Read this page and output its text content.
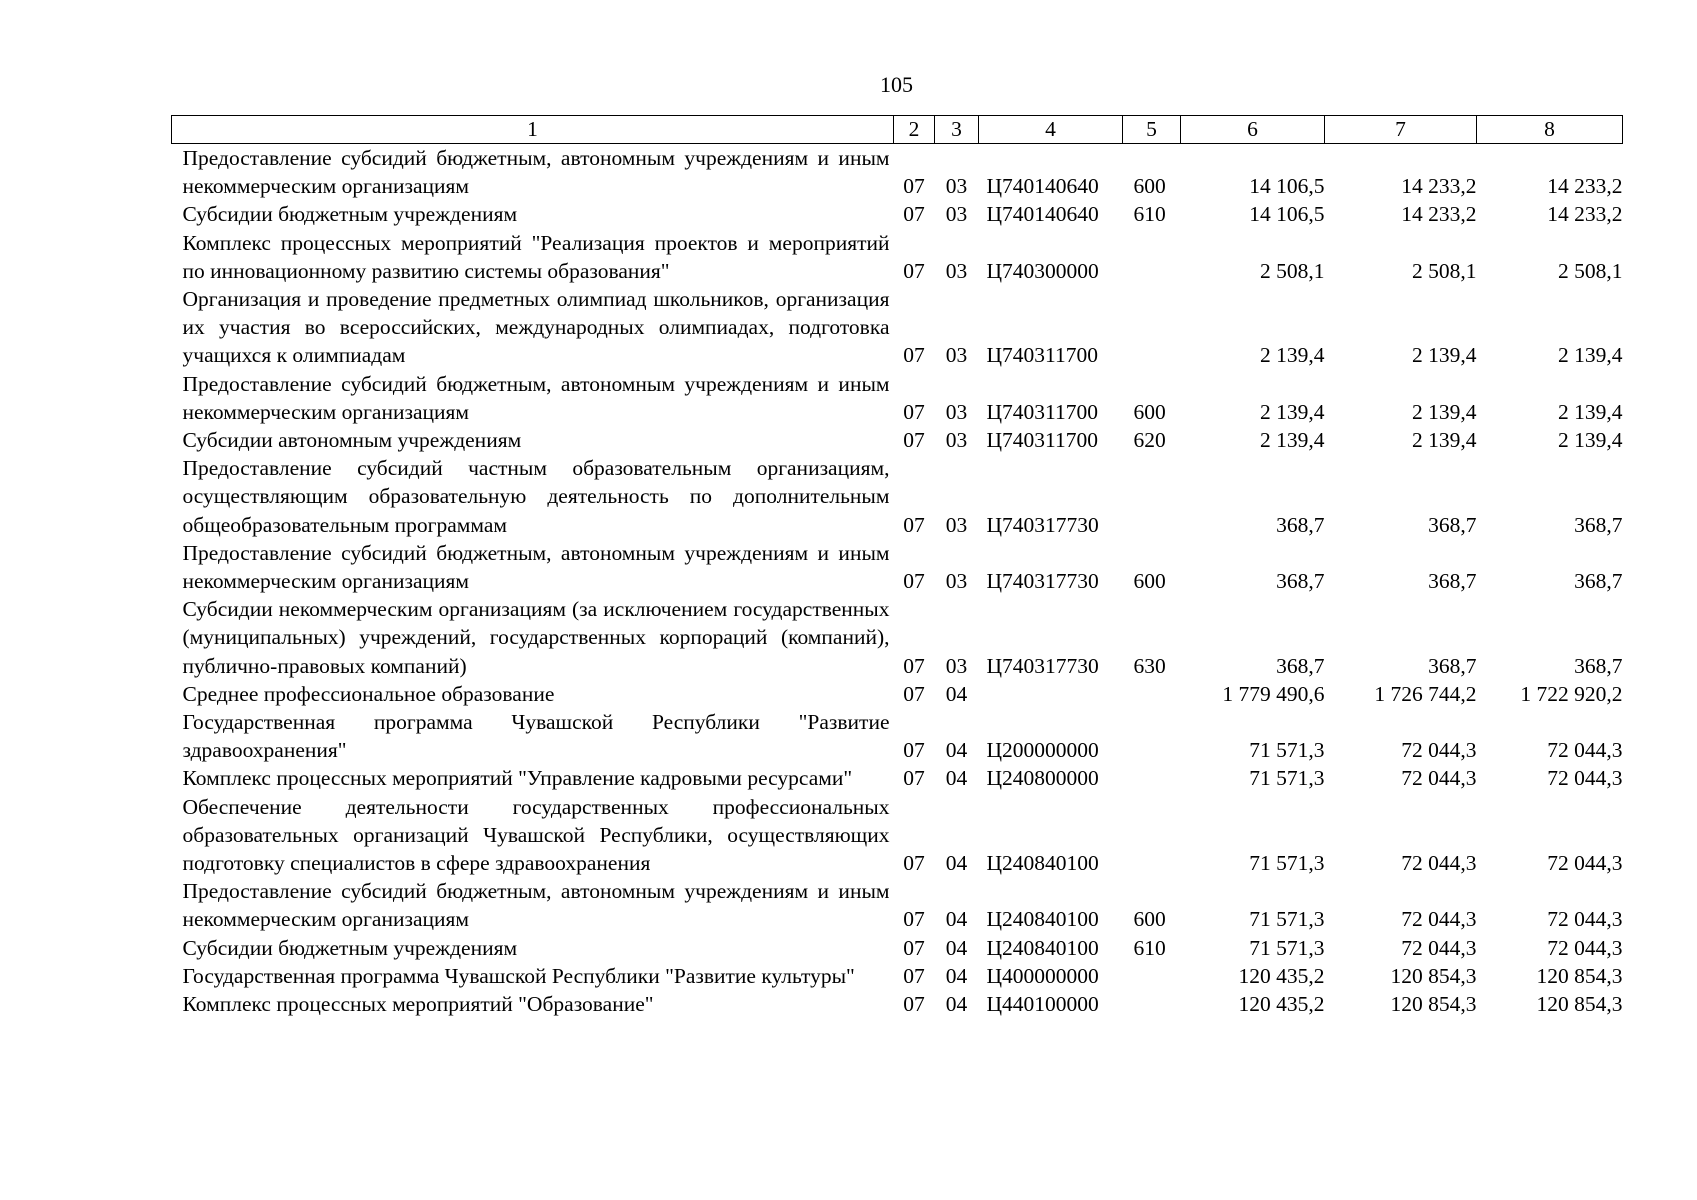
105
1	2	3	4	5	6	7	8
Предоставление субсидий бюджетным, автономным учреждениям и иным некоммерческим организациям	07	03	Ц740140640	600	14 106,5	14 233,2	14 233,2
Субсидии бюджетным учреждениям	07	03	Ц740140640	610	14 106,5	14 233,2	14 233,2
Комплекс процессных мероприятий "Реализация проектов и мероприятий по инновационному развитию системы образования"	07	03	Ц740300000		2 508,1	2 508,1	2 508,1
Организация и проведение предметных олимпиад школьников, организация их участия во всероссийских, международных олимпиадах, подготовка учащихся к олимпиадам	07	03	Ц740311700		2 139,4	2 139,4	2 139,4
Предоставление субсидий бюджетным, автономным учреждениям и иным некоммерческим организациям	07	03	Ц740311700	600	2 139,4	2 139,4	2 139,4
Субсидии автономным учреждениям	07	03	Ц740311700	620	2 139,4	2 139,4	2 139,4
Предоставление субсидий частным образовательным организациям, осуществляющим образовательную деятельность по дополнительным общеобразовательным программам	07	03	Ц740317730		368,7	368,7	368,7
Предоставление субсидий бюджетным, автономным учреждениям и иным некоммерческим организациям	07	03	Ц740317730	600	368,7	368,7	368,7
Субсидии некоммерческим организациям (за исключением государственных (муниципальных) учреждений, государственных корпораций (компаний), публично-правовых компаний)	07	03	Ц740317730	630	368,7	368,7	368,7
Среднее профессиональное образование	07	04			1 779 490,6	1 726 744,2	1 722 920,2
Государственная программа Чувашской Республики "Развитие здравоохранения"	07	04	Ц200000000		71 571,3	72 044,3	72 044,3
Комплекс процессных мероприятий "Управление кадровыми ресурсами"	07	04	Ц240800000		71 571,3	72 044,3	72 044,3
Обеспечение деятельности государственных профессиональных образовательных организаций Чувашской Республики, осуществляющих подготовку специалистов в сфере здравоохранения	07	04	Ц240840100		71 571,3	72 044,3	72 044,3
Предоставление субсидий бюджетным, автономным учреждениям и иным некоммерческим организациям	07	04	Ц240840100	600	71 571,3	72 044,3	72 044,3
Субсидии бюджетным учреждениям	07	04	Ц240840100	610	71 571,3	72 044,3	72 044,3
Государственная программа Чувашской Республики "Развитие культуры"	07	04	Ц400000000		120 435,2	120 854,3	120 854,3
Комплекс процессных мероприятий "Образование"	07	04	Ц440100000		120 435,2	120 854,3	120 854,3
